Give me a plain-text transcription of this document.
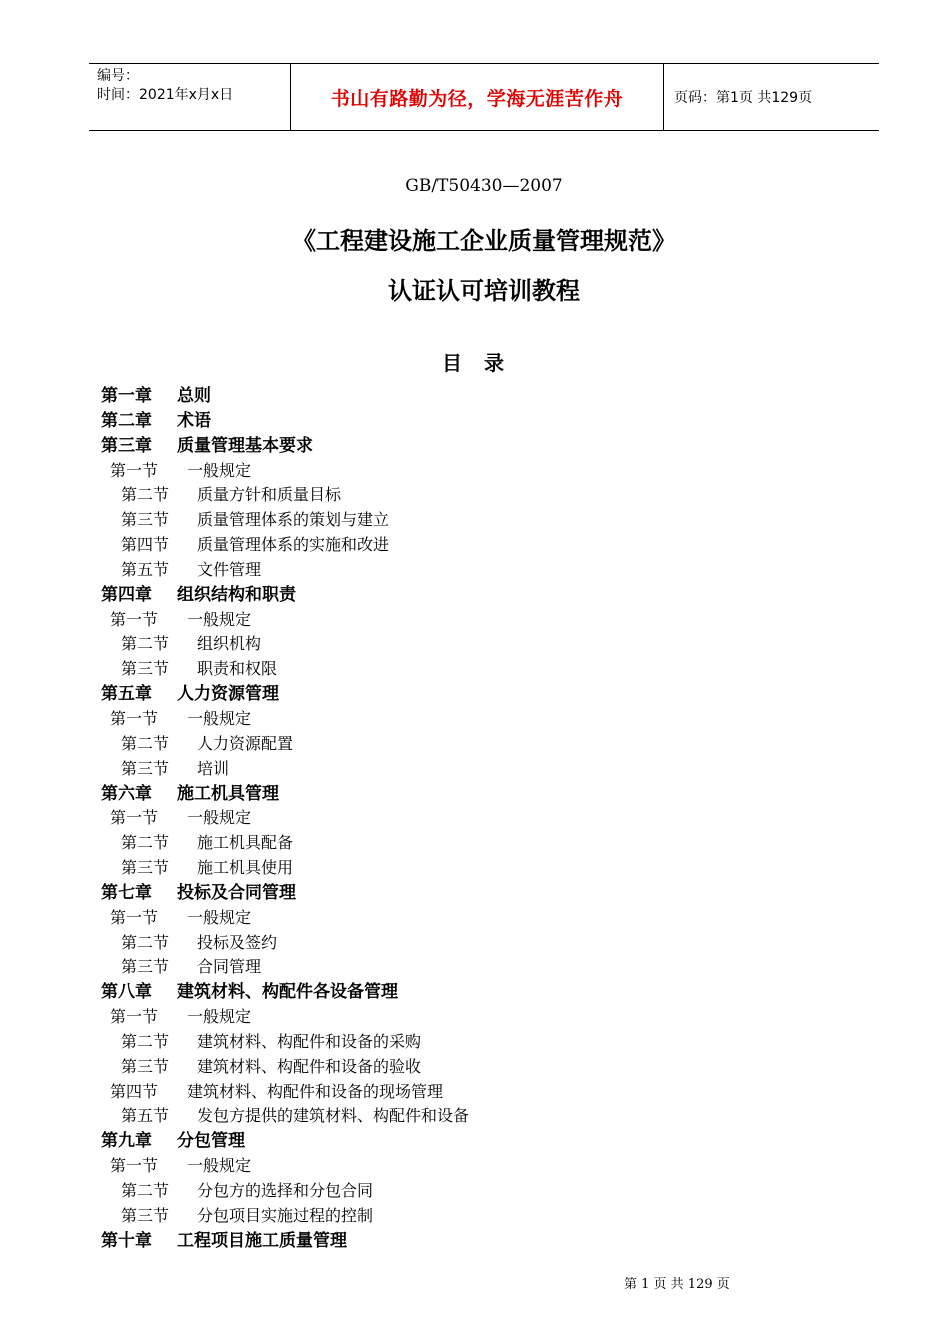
编号：
时间：2021年x月x日	书山有路勤为径，学海无涯苦作舟	页码：第1页 共129页
GB/T50430—2007
《工程建设施工企业质量管理规范》
认证认可培训教程
目录
第一章 总则
第二章 术语
第三章 质量管理基本要求
第一节 一般规定
第二节 质量方针和质量目标
第三节 质量管理体系的策划与建立
第四节 质量管理体系的实施和改进
第五节 文件管理
第四章 组织结构和职责
第一节 一般规定
第二节 组织机构
第三节 职责和权限
第五章 人力资源管理
第一节 一般规定
第二节 人力资源配置
第三节 培训
第六章 施工机具管理
第一节 一般规定
第二节 施工机具配备
第三节 施工机具使用
第七章 投标及合同管理
第一节 一般规定
第二节 投标及签约
第三节 合同管理
第八章 建筑材料、构配件各设备管理
第一节 一般规定
第二节 建筑材料、构配件和设备的采购
第三节 建筑材料、构配件和设备的验收
第四节 建筑材料、构配件和设备的现场管理
第五节 发包方提供的建筑材料、构配件和设备
第九章 分包管理
第一节 一般规定
第二节 分包方的选择和分包合同
第三节 分包项目实施过程的控制
第十章 工程项目施工质量管理
第 1 页 共 129 页
